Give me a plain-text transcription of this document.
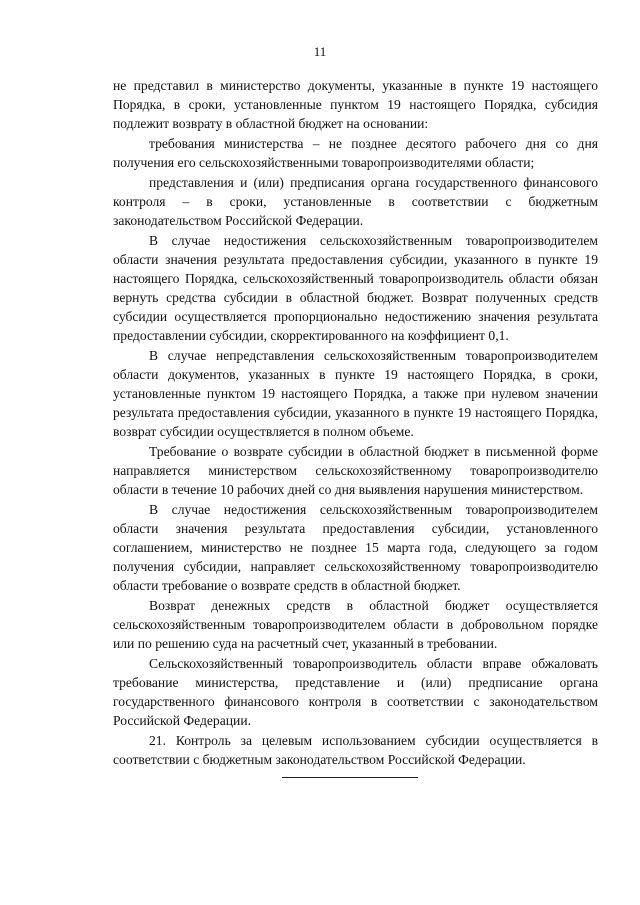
11

не представил в министерство документы, указанные в пункте 19 настоящего Порядка, в сроки, установленные пунктом 19 настоящего Порядка, субсидия подлежит возврату в областной бюджет на основании:

требования министерства – не позднее десятого рабочего дня со дня получения его сельскохозяйственными товаропроизводителями области;

представления и (или) предписания органа государственного финансового контроля – в сроки, установленные в соответствии с бюджетным законодательством Российской Федерации.

В случае недостижения сельскохозяйственным товаропроизводителем области значения результата предоставления субсидии, указанного в пункте 19 настоящего Порядка, сельскохозяйственный товаропроизводитель области обязан вернуть средства субсидии в областной бюджет. Возврат полученных средств субсидии осуществляется пропорционально недостижению значения результата предоставлении субсидии, скорректированного на коэффициент 0,1.

В случае непредставления сельскохозяйственным товаропроизводителем области документов, указанных в пункте 19 настоящего Порядка, в сроки, установленные пунктом 19 настоящего Порядка, а также при нулевом значении результата предоставления субсидии, указанного в пункте 19 настоящего Порядка, возврат субсидии осуществляется в полном объеме.

Требование о возврате субсидии в областной бюджет в письменной форме направляется министерством сельскохозяйственному товаропроизводителю области в течение 10 рабочих дней со дня выявления нарушения министерством.

В случае недостижения сельскохозяйственным товаропроизводителем области значения результата предоставления субсидии, установленного соглашением, министерство не позднее 15 марта года, следующего за годом получения субсидии, направляет сельскохозяйственному товаропроизводителю области требование о возврате средств в областной бюджет.

Возврат денежных средств в областной бюджет осуществляется сельскохозяйственным товаропроизводителем области в добровольном порядке или по решению суда на расчетный счет, указанный в требовании.

Сельскохозяйственный товаропроизводитель области вправе обжаловать требование министерства, представление и (или) предписание органа государственного финансового контроля в соответствии с законодательством Российской Федерации.

21. Контроль за целевым использованием субсидии осуществляется в соответствии с бюджетным законодательством Российской Федерации.
